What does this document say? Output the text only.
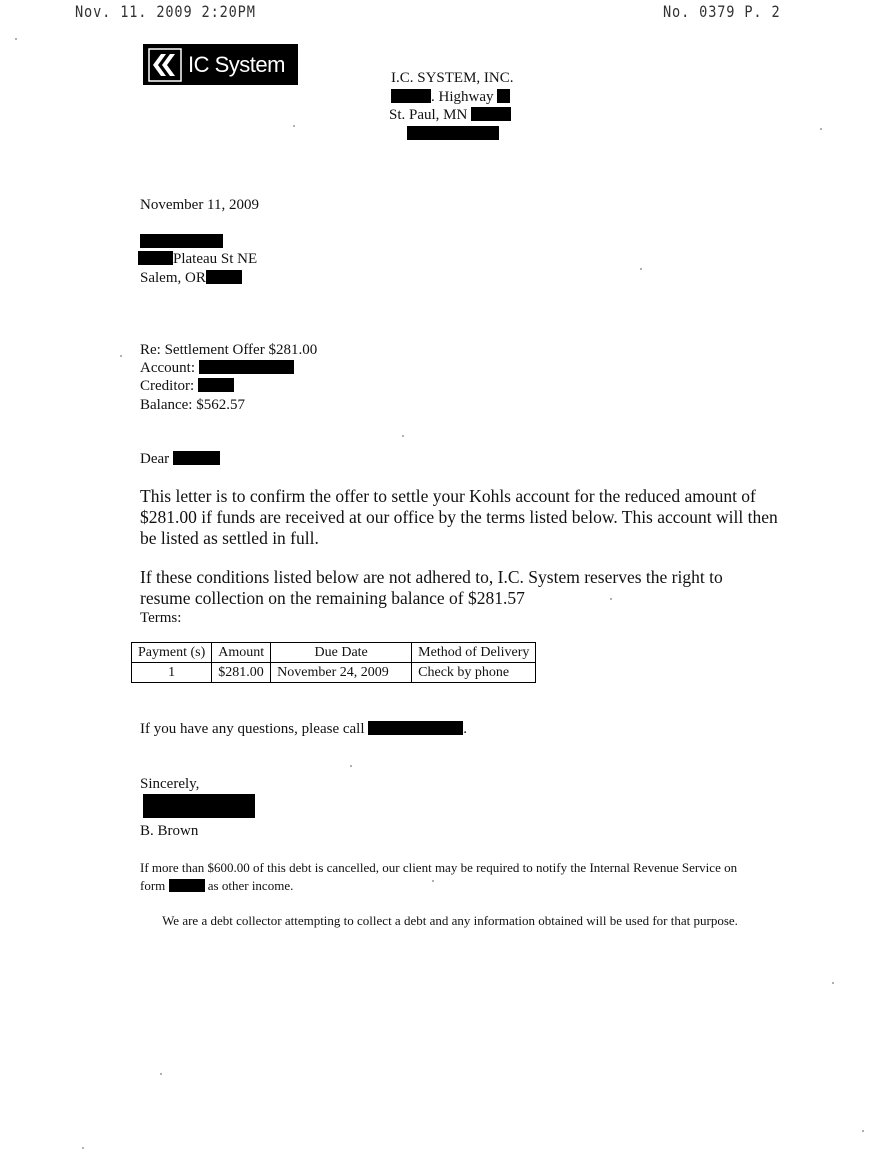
Nov. 11. 2009 2:20PM	No. 0379 P. 2
IC System
I.C. SYSTEM, INC.
. Highway
St. Paul, MN
November 11, 2009
Plateau St NE
Salem, OR
Re: Settlement Offer $281.00
Account:
Creditor:
Balance: $562.57
Dear
This letter is to confirm the offer to settle your Kohls account for the reduced amount of $281.00 if funds are received at our office by the terms listed below. This account will then be listed as settled in full.
If these conditions listed below are not adhered to, I.C. System reserves the right to resume collection on the remaining balance of $281.57
Terms:
Payment (s)	Amount	Due Date	Method of Delivery
1	$281.00	November 24, 2009	Check by phone
If you have any questions, please call	.
Sincerely,
B. Brown
If more than $600.00 of this debt is cancelled, our client may be required to notify the Internal Revenue Service on form	as other income.
We are a debt collector attempting to collect a debt and any information obtained will be used for that purpose.
